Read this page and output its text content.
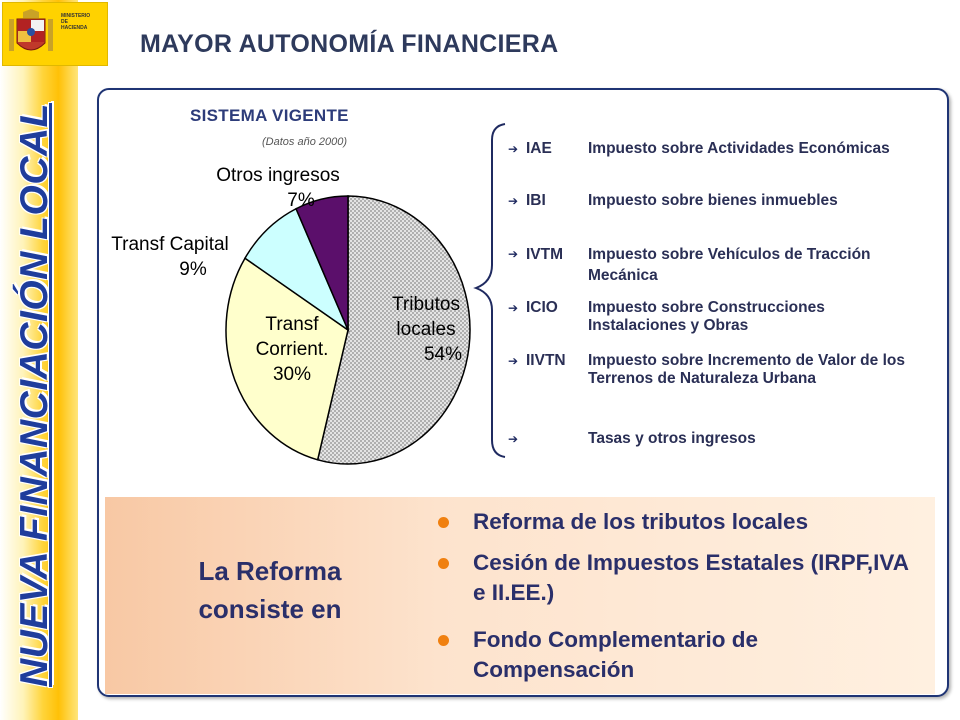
MINISTERIO
DE
HACIENDA
NUEVA FINANCIACIÓN LOCAL
MAYOR AUTONOMÍA FINANCIERA
SISTEMA VIGENTE
(Datos año 2000)
Tributos
locales
54%
Transf
Corrient.
30%
Transf Capital
9%
Otros ingresos
7%
➔ IAE	Impuesto sobre Actividades Económicas
➔ IBI	Impuesto sobre bienes inmuebles
➔ IVTM	Impuesto sobre Vehículos de Tracción Mecánica
➔ ICIO	Impuesto sobre Construcciones Instalaciones y Obras
➔ IIVTN	Impuesto sobre Incremento de Valor de los Terrenos de Naturaleza Urbana
➔	Tasas y otros ingresos
La Reforma consiste en
Reforma de los tributos locales
Cesión de Impuestos Estatales (IRPF,IVA e II.EE.)
Fondo Complementario de Compensación
